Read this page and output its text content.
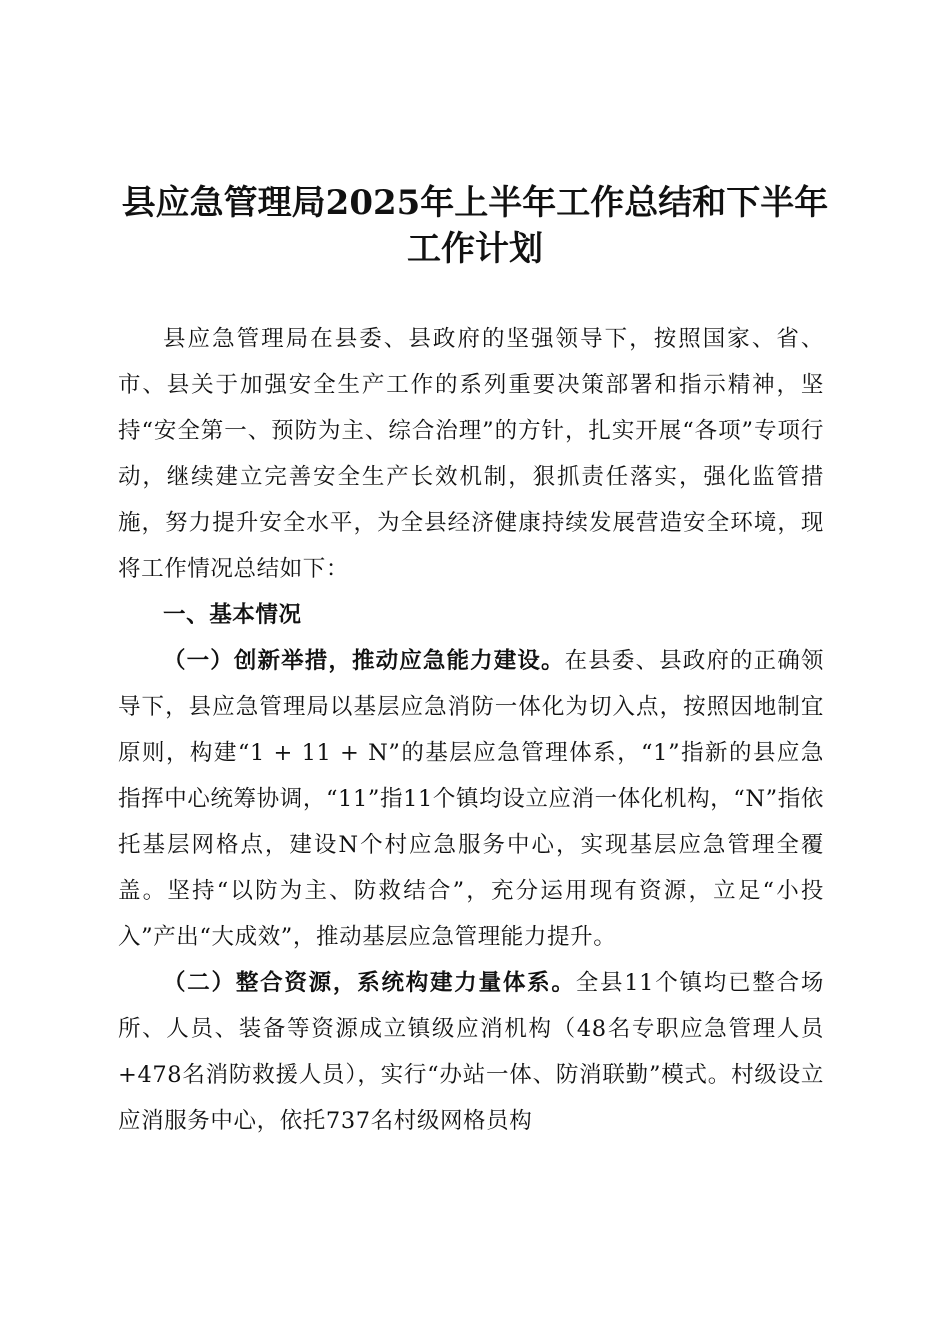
县应急管理局2025年上半年工作总结和下半年工作计划

县应急管理局在县委、县政府的坚强领导下，按照国家、省、市、县关于加强安全生产工作的系列重要决策部署和指示精神，坚持“安全第一、预防为主、综合治理”的方针，扎实开展“各项”专项行动，继续建立完善安全生产长效机制，狠抓责任落实，强化监管措施，努力提升安全水平，为全县经济健康持续发展营造安全环境，现将工作情况总结如下：

一、基本情况

（一）创新举措，推动应急能力建设。在县委、县政府的正确领导下，县应急管理局以基层应急消防一体化为切入点，按照因地制宜原则，构建“1 + 11 + N”的基层应急管理体系，“1”指新的县应急指挥中心统筹协调，“11”指11个镇均设立应消一体化机构，“N”指依托基层网格点，建设N个村应急服务中心，实现基层应急管理全覆盖。坚持“以防为主、防救结合”，充分运用现有资源，立足“小投入”产出“大成效”，推动基层应急管理能力提升。

（二）整合资源，系统构建力量体系。全县11个镇均已整合场所、人员、装备等资源成立镇级应消机构（48名专职应急管理人员+478名消防救援人员），实行“办站一体、防消联勤”模式。村级设立应消服务中心，依托737名村级网格员构
